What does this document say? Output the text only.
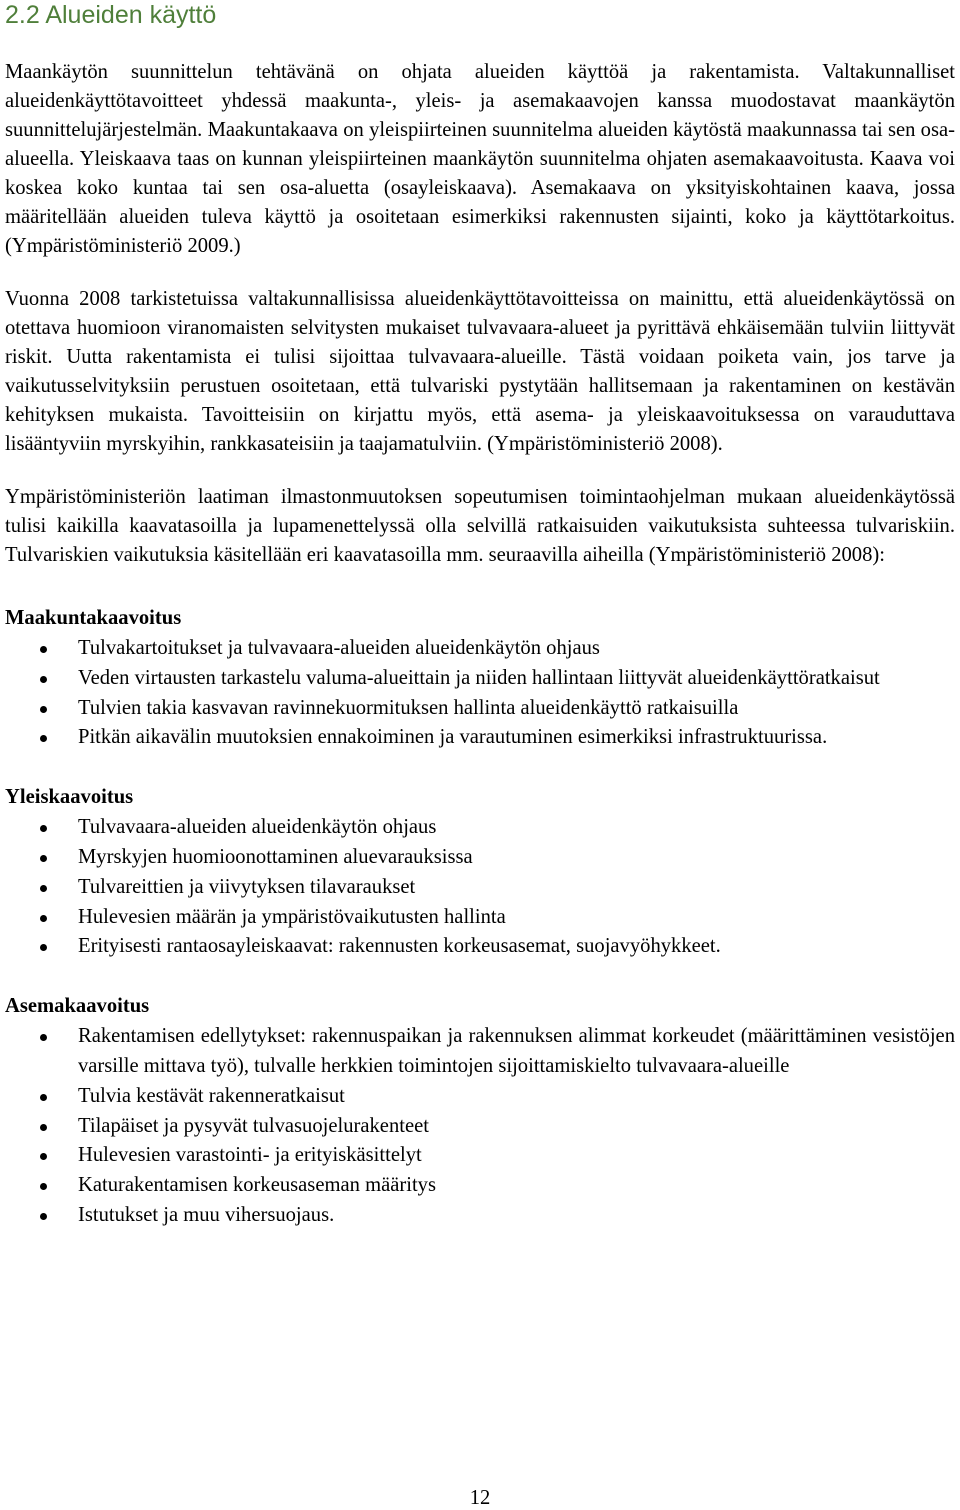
2.2 Alueiden käyttö

Maankäytön suunnittelun tehtävänä on ohjata alueiden käyttöä ja rakentamista. Valtakunnalliset alueidenkäyttötavoitteet yhdessä maakunta-, yleis- ja asemakaavojen kanssa muodostavat maankäytön suunnittelujärjestelmän. Maakuntakaava on yleispiirteinen suunnitelma alueiden käytöstä maakunnassa tai sen osa-alueella. Yleiskaava taas on kunnan yleispiirteinen maankäytön suunnitelma ohjaten asemakaavoitusta. Kaava voi koskea koko kuntaa tai sen osa-aluetta (osayleiskaava). Asemakaava on yksityiskohtainen kaava, jossa määritellään alueiden tuleva käyttö ja osoitetaan esimerkiksi rakennusten sijainti, koko ja käyttötarkoitus. (Ympäristöministeriö 2009.)

Vuonna 2008 tarkistetuissa valtakunnallisissa alueidenkäyttötavoitteissa on mainittu, että alueidenkäytössä on otettava huomioon viranomaisten selvitysten mukaiset tulvavaara-alueet ja pyrittävä ehkäisemään tulviin liittyvät riskit. Uutta rakentamista ei tulisi sijoittaa tulvavaara-alueille. Tästä voidaan poiketa vain, jos tarve ja vaikutusselvityksiin perustuen osoitetaan, että tulvariski pystytään hallitsemaan ja rakentaminen on kestävän kehityksen mukaista. Tavoitteisiin on kirjattu myös, että asema- ja yleiskaavoituksessa on varauduttava lisääntyviin myrskyihin, rankkasateisiin ja taajamatulviin. (Ympäristöministeriö 2008).

Ympäristöministeriön laatiman ilmastonmuutoksen sopeutumisen toimintaohjelman mukaan alueidenkäytössä tulisi kaikilla kaavatasoilla ja lupamenettelyssä olla selvillä ratkaisuiden vaikutuksista suhteessa tulvariskiin. Tulvariskien vaikutuksia käsitellään eri kaavatasoilla mm. seuraavilla aiheilla (Ympäristöministeriö 2008):

Maakuntakaavoitus
Tulvakartoitukset ja tulvavaara-alueiden alueidenkäytön ohjaus
Veden virtausten tarkastelu valuma-alueittain ja niiden hallintaan liittyvät alueidenkäyttöratkaisut
Tulvien takia kasvavan ravinnekuormituksen hallinta alueidenkäyttö ratkaisuilla
Pitkän aikavälin muutoksien ennakoiminen ja varautuminen esimerkiksi infrastruktuurissa.
Yleiskaavoitus
Tulvavaara-alueiden alueidenkäytön ohjaus
Myrskyjen huomioonottaminen aluevarauksissa
Tulvareittien ja viivytyksen tilavaraukset
Hulevesien määrän ja ympäristövaikutusten hallinta
Erityisesti rantaosayleiskaavat: rakennusten korkeusasemat, suojavyöhykkeet.
Asemakaavoitus
Rakentamisen edellytykset: rakennuspaikan ja rakennuksen alimmat korkeudet (määrittäminen vesistöjen varsille mittava työ), tulvalle herkkien toimintojen sijoittamiskielto tulvavaara-alueille
Tulvia kestävät rakenneratkaisut
Tilapäiset ja pysyvät tulvasuojelurakenteet
Hulevesien varastointi- ja erityiskäsittelyt
Katurakentamisen korkeusaseman määritys
Istutukset ja muu vihersuojaus.
12
